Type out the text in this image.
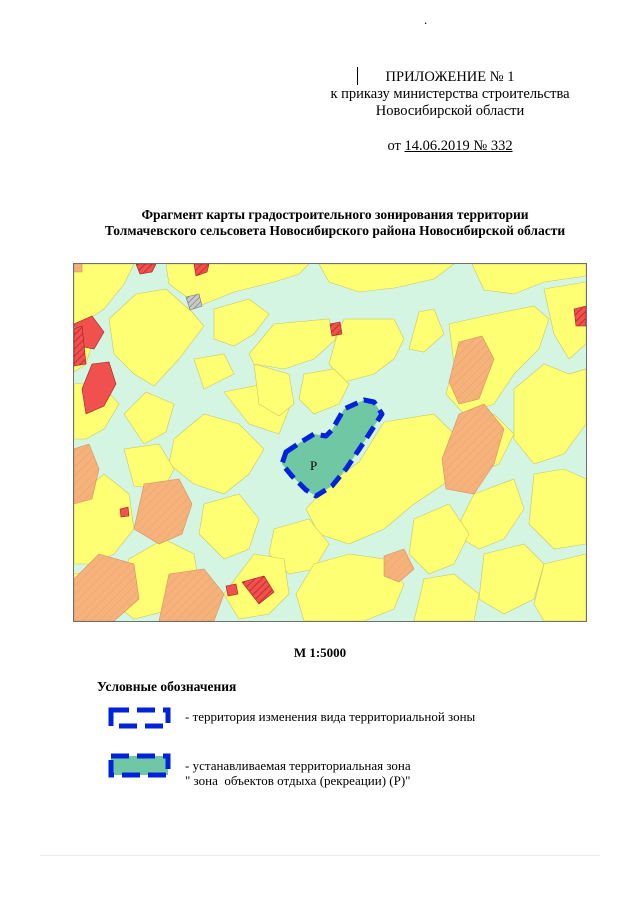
.
ПРИЛОЖЕНИЕ № 1
к приказу министерства строительства
Новосибирской области
от 14.06.2019 № 332
Фрагмент карты градостроительного зонирования территории
Толмачевского сельсовета Новосибирского района Новосибирской области
Р
М 1:5000
Условные обозначения
- территория изменения вида территориальной зоны
- устанавливаемая территориальная зона
" зона  объектов отдыха (рекреации) (Р)"
